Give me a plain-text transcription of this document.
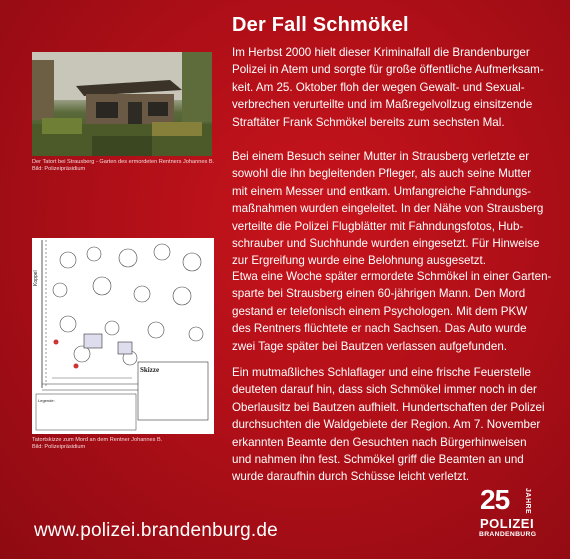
Der Fall Schmökel
Im Herbst 2000 hielt dieser Kriminalfall die Brandenburger
Polizei in Atem und sorgte für große öffentliche Aufmerksam-
keit. Am 25. Oktober floh der wegen Gewalt- und Sexual-
verbrechen verurteilte und im Maßregelvollzug einsitzende
Straftäter Frank Schmökel bereits zum sechsten Mal.
Bei einem Besuch seiner Mutter in Strausberg verletzte er
sowohl die ihn begleitenden Pfleger, als auch seine Mutter
mit einem Messer und entkam. Umfangreiche Fahndungs-
maßnahmen wurden eingeleitet. In der Nähe von Strausberg
verteilte die Polizei Flugblätter mit Fahndungsfotos, Hub-
schrauber und Suchhunde wurden eingesetzt. Für Hinweise
zur Ergreifung wurde eine Belohnung ausgesetzt.
Etwa eine Woche später ermordete Schmökel in einer Garten-
sparte bei Strausberg einen 60-jährigen Mann. Den Mord
gestand er telefonisch einem Psychologen. Mit dem PKW
des Rentners flüchtete er nach Sachsen. Das Auto wurde
zwei Tage später bei Bautzen verlassen aufgefunden.
Ein mutmaßliches Schlaflager und eine frische Feuerstelle
deuteten darauf hin, dass sich Schmökel immer noch in der
Oberlausitz bei Bautzen aufhielt. Hundertschaften der Polizei
durchsuchten die Waldgebiete der Region. Am 7. November
erkannten Beamte den Gesuchten nach Bürgerhinweisen
und nahmen ihn fest. Schmökel griff die Beamten an und
wurde daraufhin durch Schüsse leicht verletzt.
Der Tatort bei Strausberg - Garten des ermordeten Rentners Johannes B.
Bild: Polizeipräsidium
Skizze
Koppel
Legende:
Tatortskizze zum Mord an dem Rentner Johannes B.
Bild: Polizeipräsidium
www.polizei.brandenburg.de
25 JAHRE
POLIZEI
BRANDENBURG
